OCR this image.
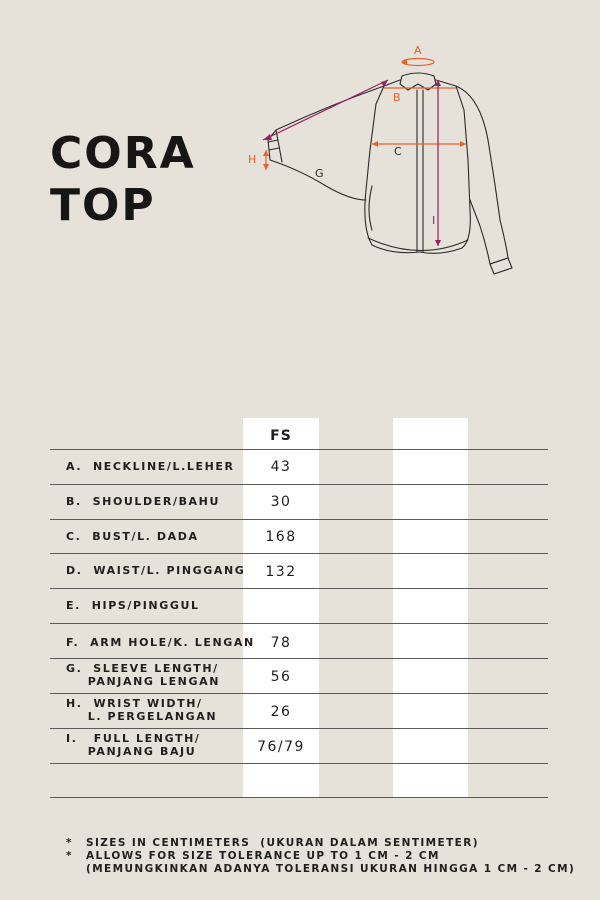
CORA
TOP
A
B
C
G
H
I
FS
A.  NECKLINE/L.LEHER	43
B.  SHOULDER/BAHU	30
C.  BUST/L. DADA	168
D.  WAIST/L. PINGGANG	132
E.  HIPS/PINGGUL
F.  ARM HOLE/K. LENGAN	78
G.  SLEEVE LENGTH/
PANJANG LENGAN	56
H.  WRIST WIDTH/
L. PERGELANGAN	26
I.   FULL LENGTH/
PANJANG BAJU	76/79
*	SIZES IN CENTIMETERS  (UKURAN DALAM SENTIMETER)
*	ALLOWS FOR SIZE TOLERANCE UP TO 1 CM - 2 CM
(MEMUNGKINKAN ADANYA TOLERANSI UKURAN HINGGA 1 CM - 2 CM)
